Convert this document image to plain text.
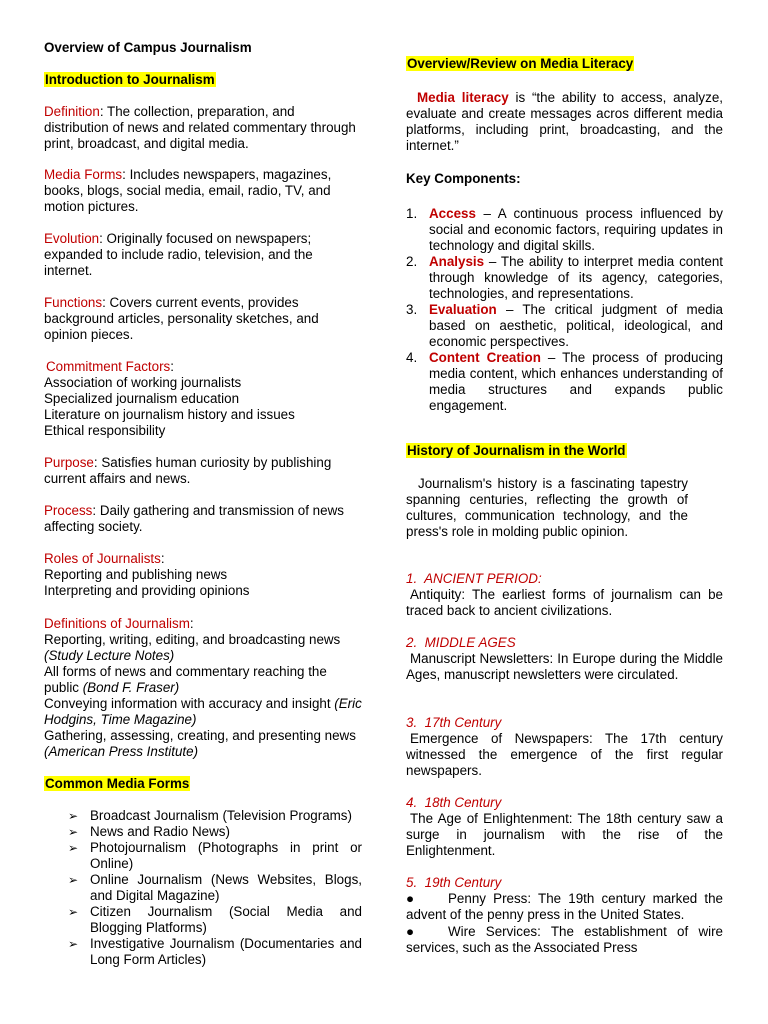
Overview of Campus Journalism
Introduction to Journalism
Definition: The collection, preparation, and distribution of news and related commentary through print, broadcast, and digital media.
Media Forms: Includes newspapers, magazines, books, blogs, social media, email, radio, TV, and motion pictures.
Evolution: Originally focused on newspapers; expanded to include radio, television, and the internet.
Functions: Covers current events, provides background articles, personality sketches, and opinion pieces.
Commitment Factors:
Association of working journalists
Specialized journalism education
Literature on journalism history and issues
Ethical responsibility
Purpose: Satisfies human curiosity by publishing current affairs and news.
Process: Daily gathering and transmission of news affecting society.
Roles of Journalists:
Reporting and publishing news
Interpreting and providing opinions
Definitions of Journalism:
Reporting, writing, editing, and broadcasting news (Study Lecture Notes)
All forms of news and commentary reaching the public (Bond F. Fraser)
Conveying information with accuracy and insight (Eric Hodgins, Time Magazine)
Gathering, assessing, creating, and presenting news (American Press Institute)
Common Media Forms
➢ Broadcast Journalism (Television Programs)
➢ News and Radio News)
➢ Photojournalism (Photographs in print or Online)
➢ Online Journalism (News Websites, Blogs, and Digital Magazine)
➢ Citizen Journalism (Social Media and Blogging Platforms)
➢ Investigative Journalism (Documentaries and Long Form Articles)
Overview/Review on Media Literacy
Media literacy is “the ability to access, analyze, evaluate and create messages acros different media platforms, including print, broadcasting, and the internet.”
Key Components:
1. Access – A continuous process influenced by social and economic factors, requiring updates in technology and digital skills.
2. Analysis – The ability to interpret media content through knowledge of its agency, categories, technologies, and representations.
3. Evaluation – The critical judgment of media based on aesthetic, political, ideological, and economic perspectives.
4. Content Creation – The process of producing media content, which enhances understanding of media structures and expands public engagement.
History of Journalism in the World
Journalism's history is a fascinating tapestry spanning centuries, reflecting the growth of cultures, communication technology, and the press's role in molding public opinion.
1. ANCIENT PERIOD:
Antiquity: The earliest forms of journalism can be traced back to ancient civilizations.
2. MIDDLE AGES
Manuscript Newsletters: In Europe during the Middle Ages, manuscript newsletters were circulated.
3. 17th Century
Emergence of Newspapers: The 17th century witnessed the emergence of the first regular newspapers.
4. 18th Century
The Age of Enlightenment: The 18th century saw a surge in journalism with the rise of the Enlightenment.
5. 19th Century
●	Penny Press: The 19th century marked the advent of the penny press in the United States.
●	Wire Services: The establishment of wire services, such as the Associated Press
